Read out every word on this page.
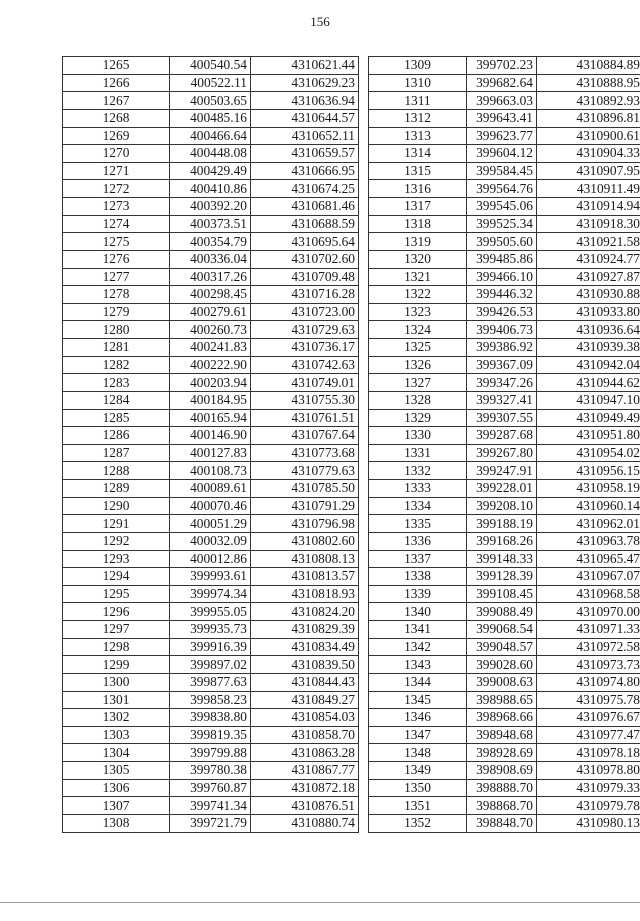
156
1265	400540.54	4310621.44
1266	400522.11	4310629.23
1267	400503.65	4310636.94
1268	400485.16	4310644.57
1269	400466.64	4310652.11
1270	400448.08	4310659.57
1271	400429.49	4310666.95
1272	400410.86	4310674.25
1273	400392.20	4310681.46
1274	400373.51	4310688.59
1275	400354.79	4310695.64
1276	400336.04	4310702.60
1277	400317.26	4310709.48
1278	400298.45	4310716.28
1279	400279.61	4310723.00
1280	400260.73	4310729.63
1281	400241.83	4310736.17
1282	400222.90	4310742.63
1283	400203.94	4310749.01
1284	400184.95	4310755.30
1285	400165.94	4310761.51
1286	400146.90	4310767.64
1287	400127.83	4310773.68
1288	400108.73	4310779.63
1289	400089.61	4310785.50
1290	400070.46	4310791.29
1291	400051.29	4310796.98
1292	400032.09	4310802.60
1293	400012.86	4310808.13
1294	399993.61	4310813.57
1295	399974.34	4310818.93
1296	399955.05	4310824.20
1297	399935.73	4310829.39
1298	399916.39	4310834.49
1299	399897.02	4310839.50
1300	399877.63	4310844.43
1301	399858.23	4310849.27
1302	399838.80	4310854.03
1303	399819.35	4310858.70
1304	399799.88	4310863.28
1305	399780.38	4310867.77
1306	399760.87	4310872.18
1307	399741.34	4310876.51
1308	399721.79	4310880.74
1309	399702.23	4310884.89
1310	399682.64	4310888.95
1311	399663.03	4310892.93
1312	399643.41	4310896.81
1313	399623.77	4310900.61
1314	399604.12	4310904.33
1315	399584.45	4310907.95
1316	399564.76	4310911.49
1317	399545.06	4310914.94
1318	399525.34	4310918.30
1319	399505.60	4310921.58
1320	399485.86	4310924.77
1321	399466.10	4310927.87
1322	399446.32	4310930.88
1323	399426.53	4310933.80
1324	399406.73	4310936.64
1325	399386.92	4310939.38
1326	399367.09	4310942.04
1327	399347.26	4310944.62
1328	399327.41	4310947.10
1329	399307.55	4310949.49
1330	399287.68	4310951.80
1331	399267.80	4310954.02
1332	399247.91	4310956.15
1333	399228.01	4310958.19
1334	399208.10	4310960.14
1335	399188.19	4310962.01
1336	399168.26	4310963.78
1337	399148.33	4310965.47
1338	399128.39	4310967.07
1339	399108.45	4310968.58
1340	399088.49	4310970.00
1341	399068.54	4310971.33
1342	399048.57	4310972.58
1343	399028.60	4310973.73
1344	399008.63	4310974.80
1345	398988.65	4310975.78
1346	398968.66	4310976.67
1347	398948.68	4310977.47
1348	398928.69	4310978.18
1349	398908.69	4310978.80
1350	398888.70	4310979.33
1351	398868.70	4310979.78
1352	398848.70	4310980.13
